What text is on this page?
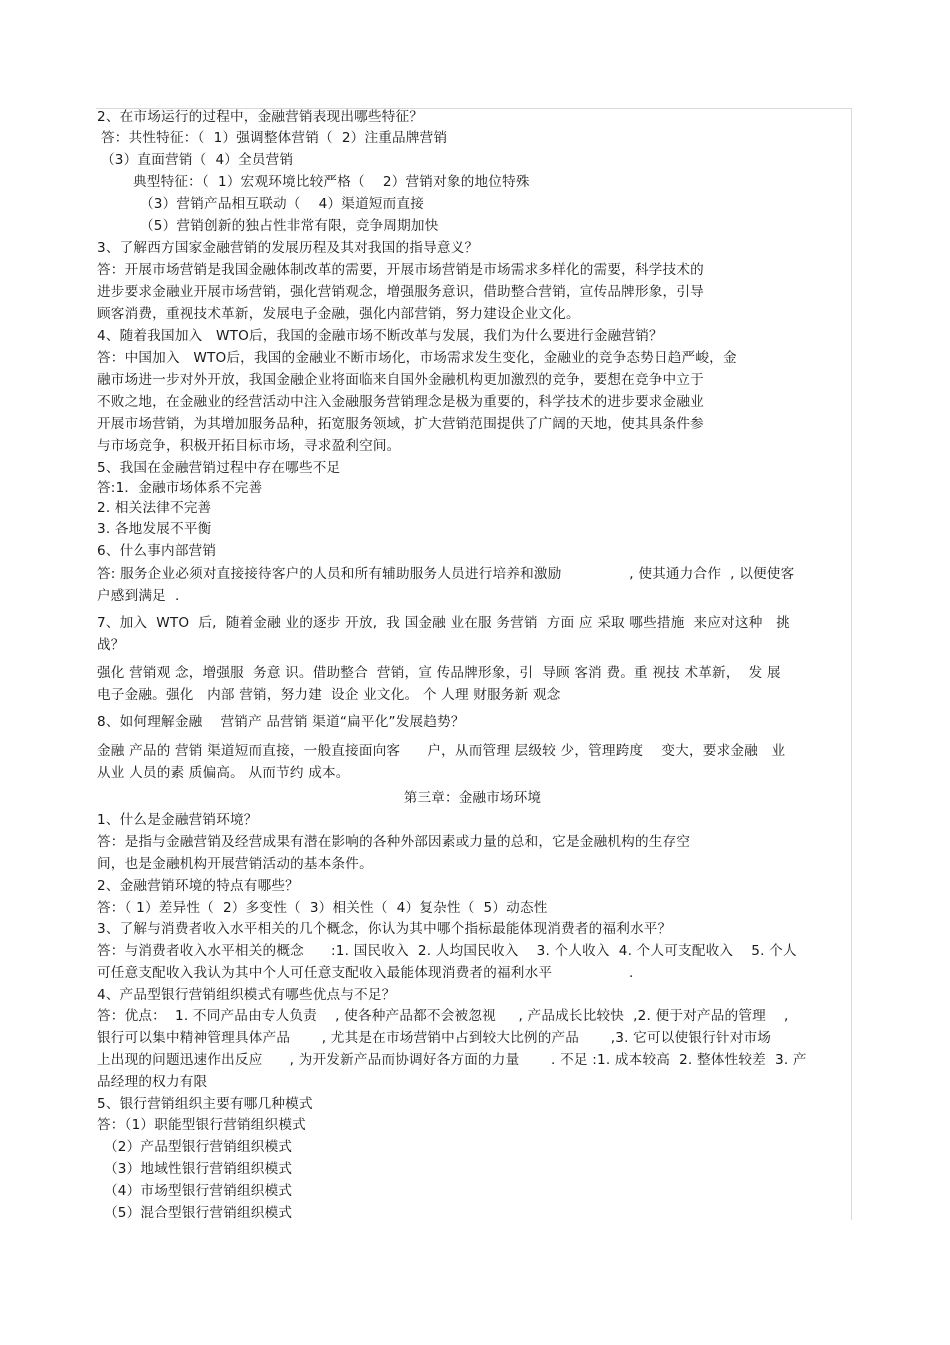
2、在市场运行的过程中，金融营销表现出哪些特征？
答：共性特征：（  1）强调整体营销（  2）注重品牌营销
（3）直面营销（  4）全员营销
典型特征：（  1）宏观环境比较严格（    2）营销对象的地位特殊
（3）营销产品相互联动（    4）渠道短而直接
（5）营销创新的独占性非常有限，竞争周期加快
3、了解西方国家金融营销的发展历程及其对我国的指导意义？
答：开展市场营销是我国金融体制改革的需要，开展市场营销是市场需求多样化的需要，科学技术的
进步要求金融业开展市场营销，强化营销观念，增强服务意识，借助整合营销，宣传品牌形象，引导
顾客消费，重视技术革新，发展电子金融，强化内部营销，努力建设企业文化。
4、随着我国加入   WTO后，我国的金融市场不断改革与发展，我们为什么要进行金融营销？
答：中国加入   WTO后，我国的金融业不断市场化，市场需求发生变化，金融业的竞争态势日趋严峻，金
融市场进一步对外开放，我国金融企业将面临来自国外金融机构更加激烈的竞争，要想在竞争中立于
不败之地，在金融业的经营活动中注入金融服务营销理念是极为重要的，科学技术的进步要求金融业
开展市场营销，为其增加服务品种，拓宽服务领域，扩大营销范围提供了广阔的天地，使其具条件参
与市场竞争，积极开拓目标市场，寻求盈利空间。
5、我国在金融营销过程中存在哪些不足
答:1．金融市场体系不完善
2. 相关法律不完善
3. 各地发展不平衡
6、什么事内部营销
答: 服务企业必须对直接接待客户的人员和所有辅助服务人员进行培养和激励               , 使其通力合作  , 以便使客
户感到满足  .
7、加入  WTO  后,  随着金融 业的逐步 开放,  我 国金融 业在服 务营销  方面 应 采取 哪些措施  来应对这种   挑
战？
强化 营销观 念，增强服  务意 识。借助整合  营销，宣 传品牌形象，引  导顾 客消 费。重 视技 术革新，  发 展
电子金融。强化   内部 营销，努力建  设企 业文化。 个 人理 财服务新 观念
8、如何理解金融    营销产 品营销 渠道“扁平化”发展趋势？
金融 产品的 营销 渠道短而直接，一般直接面向客      户，从而管理 层级较 少，管理跨度    变大，要求金融   业
从业 人员的素 质偏高。 从而节约 成本。
第三章：金融市场环境
1、什么是金融营销环境？
答：是指与金融营销及经营成果有潜在影响的各种外部因素或力量的总和，它是金融机构的生存空
间，也是金融机构开展营销活动的基本条件。
2、金融营销环境的特点有哪些？
答：（ 1）差异性（  2）多变性（  3）相关性（  4）复杂性（  5）动态性
3、了解与消费者收入水平相关的几个概念，你认为其中哪个指标最能体现消费者的福利水平？
答：与消费者收入水平相关的概念      :1. 国民收入  2. 人均国民收入    3. 个人收入  4. 个人可支配收入    5. 个人
可任意支配收入我认为其中个人可任意支配收入最能体现消费者的福利水平                 .
4、产品型银行营销组织模式有哪些优点与不足？
答：优点：  1. 不同产品由专人负责    , 使各种产品都不会被忽视     , 产品成长比较快  ,2. 便于对产品的管理    ,
银行可以集中精神管理具体产品       , 尤其是在市场营销中占到较大比例的产品       ,3. 它可以使银行针对市场
上出现的问题迅速作出反应      , 为开发新产品而协调好各方面的力量       . 不足 :1. 成本较高  2. 整体性较差  3. 产
品经理的权力有限
5、银行营销组织主要有哪几种模式
答：（1）职能型银行营销组织模式
（2）产品型银行营销组织模式
（3）地域性银行营销组织模式
（4）市场型银行营销组织模式
（5）混合型银行营销组织模式
